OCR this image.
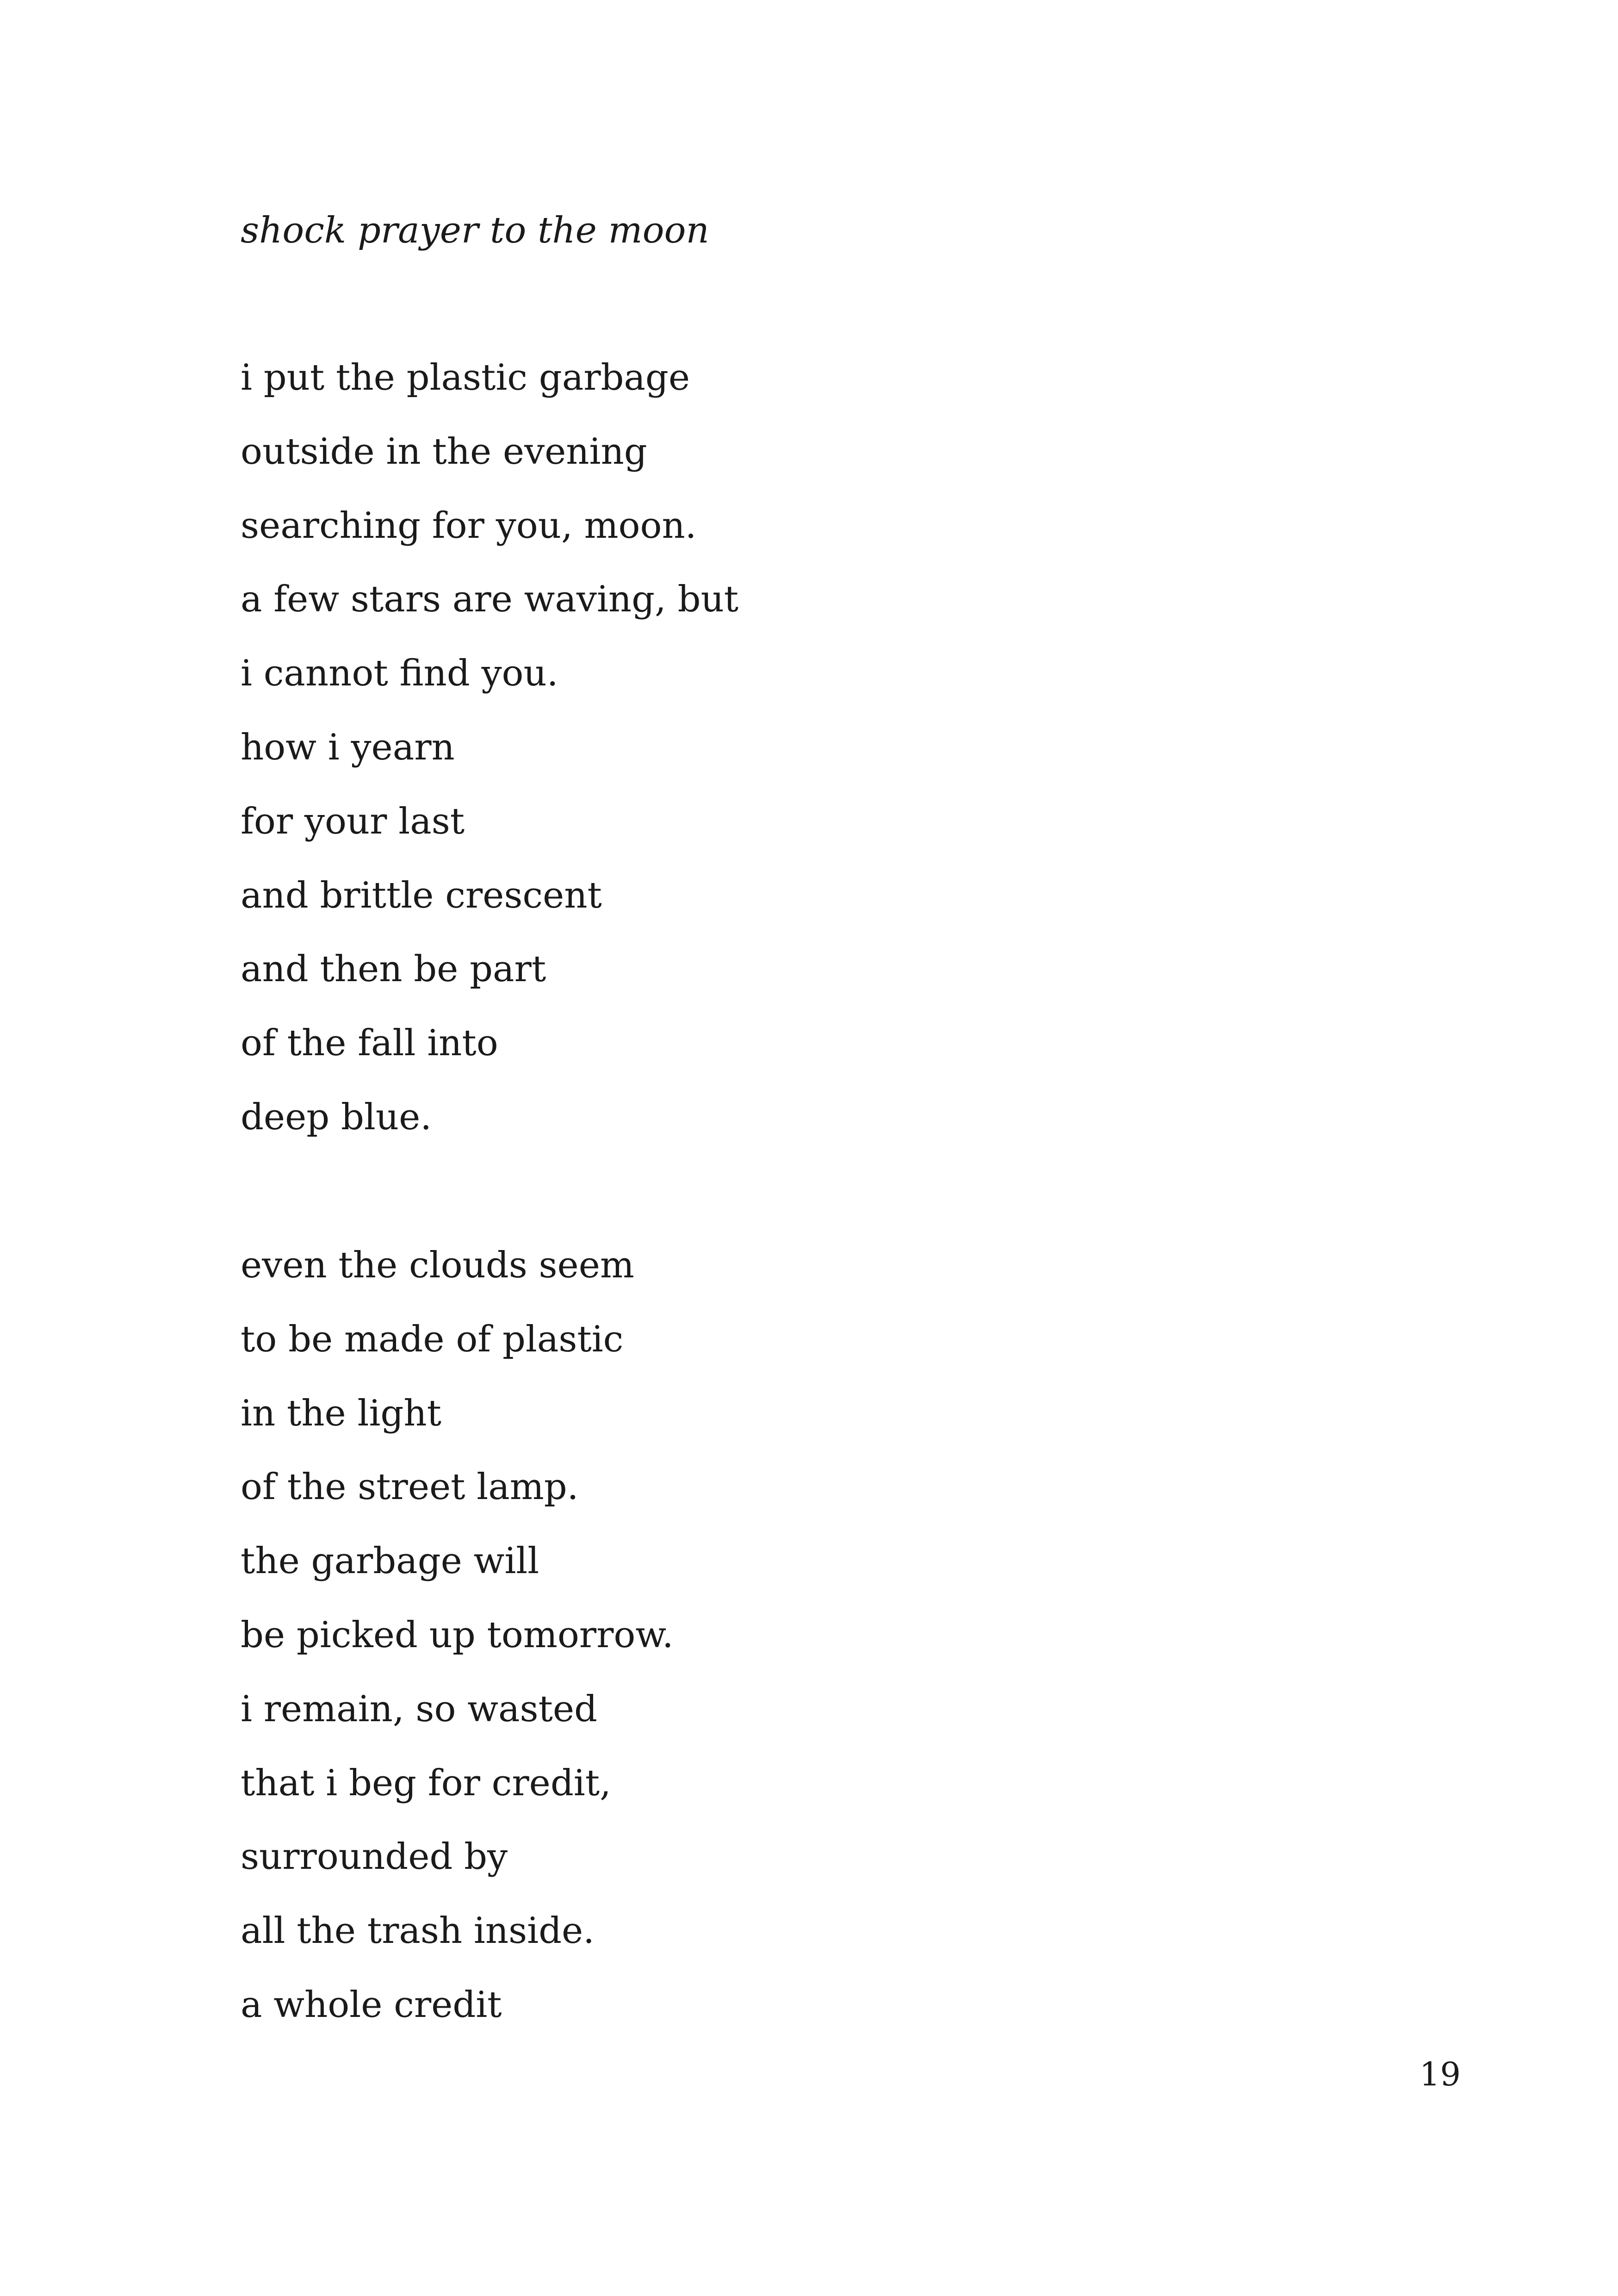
shock prayer to the moon
i put the plastic garbage
outside in the evening
searching for you, moon.
a few stars are waving, but
i cannot find you.
how i yearn
for your last
and brittle crescent
and then be part
of the fall into
deep blue.
even the clouds seem
to be made of plastic
in the light
of the street lamp.
the garbage will
be picked up tomorrow.
i remain, so wasted
that i beg for credit,
surrounded by
all the trash inside.
a whole credit
19
